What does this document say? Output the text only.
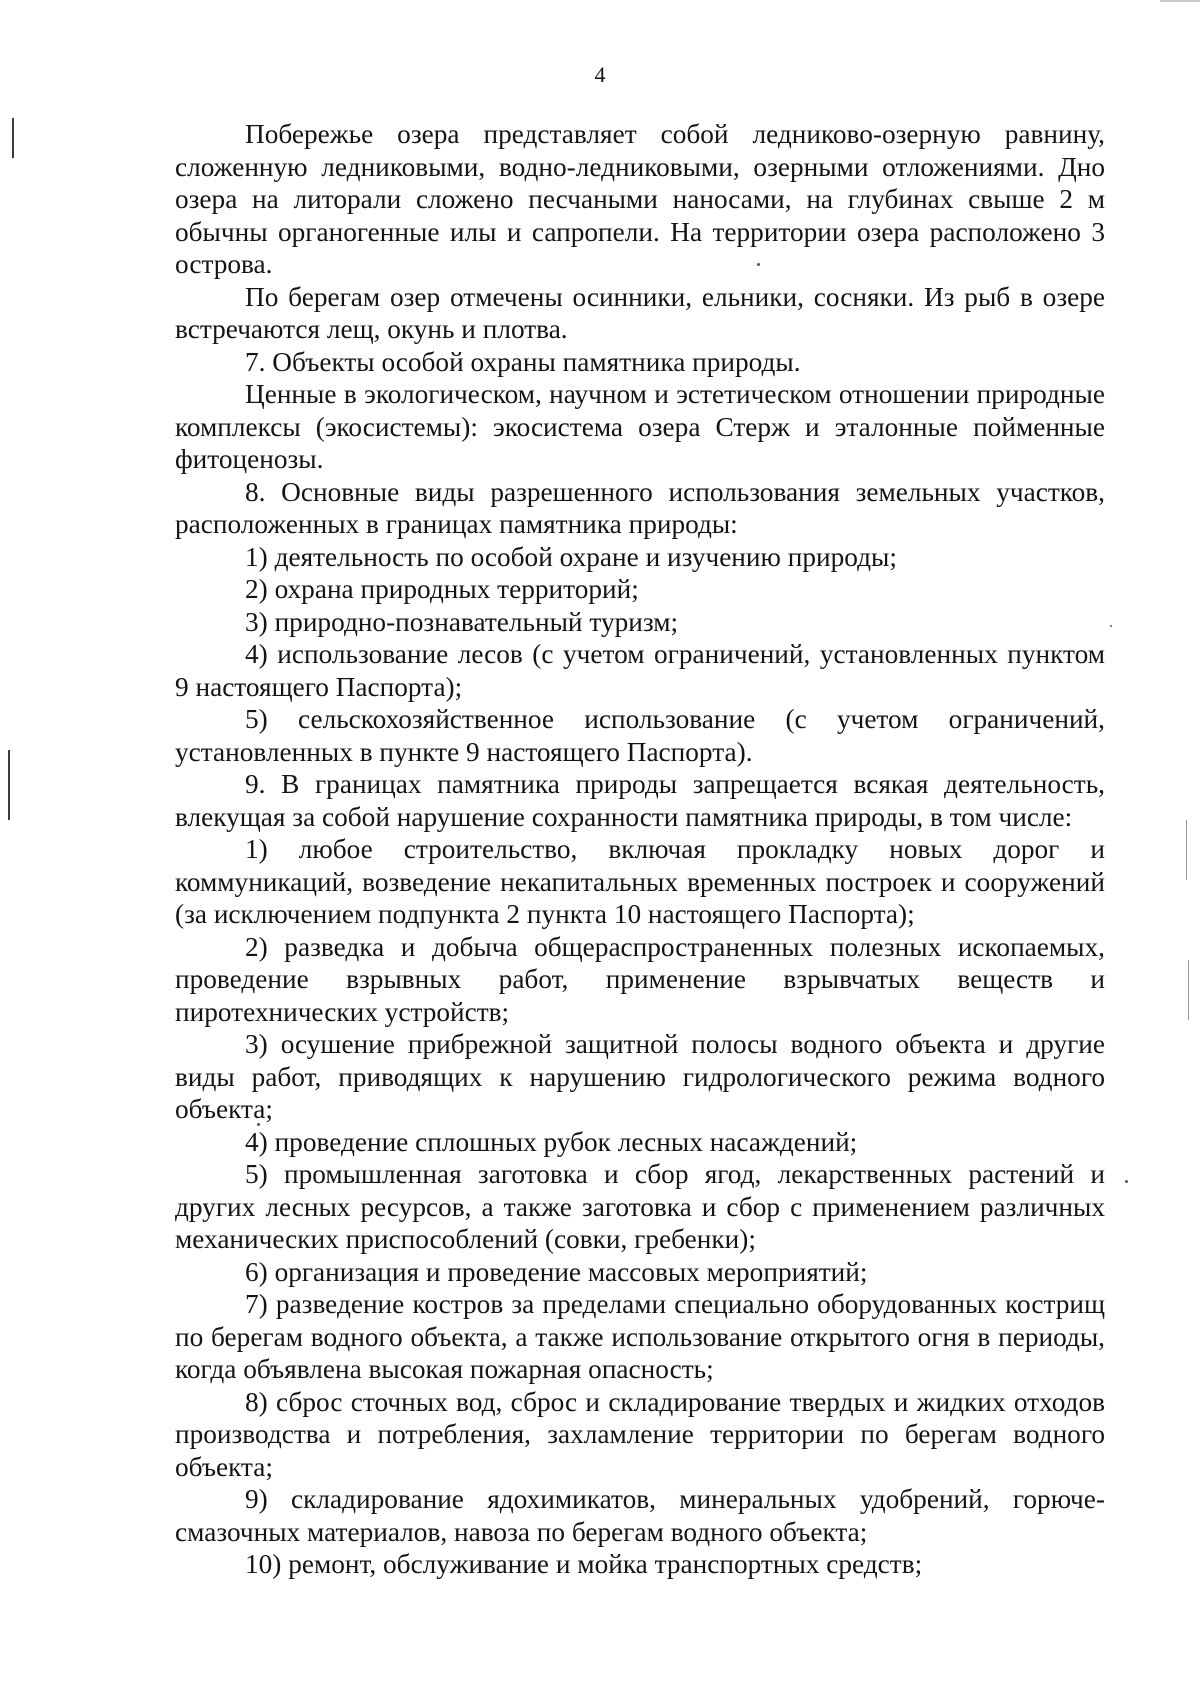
4

Побережье озера представляет собой ледниково-озерную равнину, сложенную ледниковыми, водно-ледниковыми, озерными отложениями. Дно озера на литорали сложено песчаными наносами, на глубинах свыше 2 м обычны органогенные илы и сапропели. На территории озера расположено 3 острова.

По берегам озер отмечены осинники, ельники, сосняки. Из рыб в озере встречаются лещ, окунь и плотва.

7. Объекты особой охраны памятника природы.

Ценные в экологическом, научном и эстетическом отношении природные комплексы (экосистемы): экосистема озера Стерж и эталонные пойменные фитоценозы.

8. Основные виды разрешенного использования земельных участков, расположенных в границах памятника природы:

1) деятельность по особой охране и изучению природы;

2) охрана природных территорий;

3) природно-познавательный туризм;

4) использование лесов (с учетом ограничений, установленных пунктом 9 настоящего Паспорта);

5) сельскохозяйственное использование (с учетом ограничений, установленных в пункте 9 настоящего Паспорта).

9. В границах памятника природы запрещается всякая деятельность, влекущая за собой нарушение сохранности памятника природы, в том числе:

1) любое строительство, включая прокладку новых дорог и коммуникаций, возведение некапитальных временных построек и сооружений (за исключением подпункта 2 пункта 10 настоящего Паспорта);

2) разведка и добыча общераспространенных полезных ископаемых, проведение взрывных работ, применение взрывчатых веществ и пиротехнических устройств;

3) осушение прибрежной защитной полосы водного объекта и другие виды работ, приводящих к нарушению гидрологического режима водного объекта;

4) проведение сплошных рубок лесных насаждений;

5) промышленная заготовка и сбор ягод, лекарственных растений и других лесных ресурсов, а также заготовка и сбор с применением различных механических приспособлений (совки, гребенки);

6) организация и проведение массовых мероприятий;

7) разведение костров за пределами специально оборудованных кострищ по берегам водного объекта, а также использование открытого огня в периоды, когда объявлена высокая пожарная опасность;

8) сброс сточных вод, сброс и складирование твердых и жидких отходов производства и потребления, захламление территории по берегам водного объекта;

9) складирование ядохимикатов, минеральных удобрений, горюче-смазочных материалов, навоза по берегам водного объекта;

10) ремонт, обслуживание и мойка транспортных средств;
